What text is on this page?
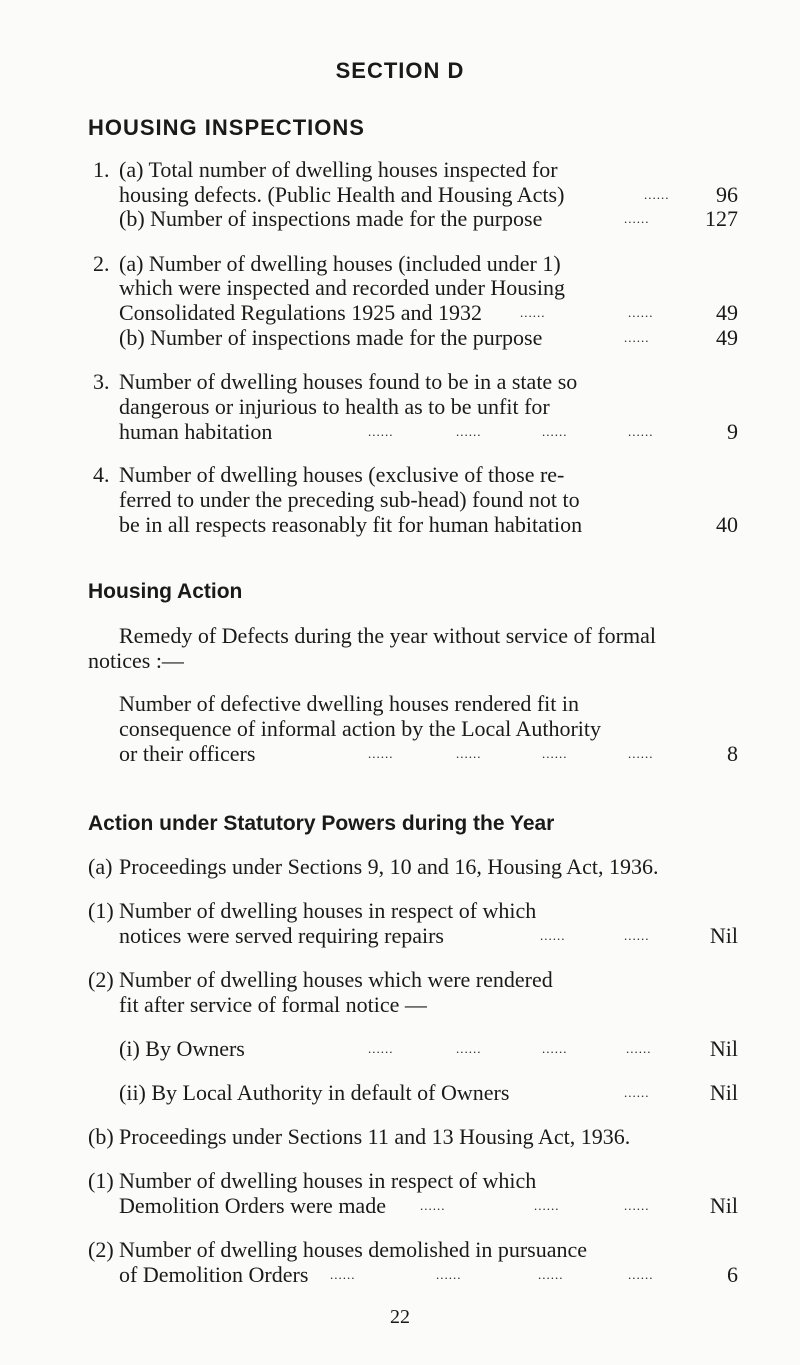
SECTION D
HOUSING INSPECTIONS
1. (a) Total number of dwelling houses inspected for
housing defects. (Public Health and Housing Acts)	...... 96
(b) Number of inspections made for the purpose	......	127
2. (a) Number of dwelling houses (included under 1)
which were inspected and recorded under Housing
Consolidated Regulations 1925 and 1932	......	......	49
(b) Number of inspections made for the purpose	......	49
3. Number of dwelling houses found to be in a state so
dangerous or injurious to health as to be unfit for
human habitation	......	......	......	......	9
4. Number of dwelling houses (exclusive of those re-
ferred to under the preceding sub-head) found not to
be in all respects reasonably fit for human habitation	40
Housing Action
Remedy of Defects during the year without service of formal
notices :—
Number of defective dwelling houses rendered fit in
consequence of informal action by the Local Authority
or their officers	......	......	......	......	8
Action under Statutory Powers during the Year
(a) Proceedings under Sections 9, 10 and 16, Housing Act, 1936.
(1) Number of dwelling houses in respect of which
notices were served requiring repairs	......	......	Nil
(2) Number of dwelling houses which were rendered
fit after service of formal notice —
(i) By Owners	......	......	......	......	Nil
(ii) By Local Authority in default of Owners	......	Nil
(b) Proceedings under Sections 11 and 13 Housing Act, 1936.
(1) Number of dwelling houses in respect of which
Demolition Orders were made	......	......	......	Nil
(2) Number of dwelling houses demolished in pursuance
of Demolition Orders ......	......	......	......	6
22
